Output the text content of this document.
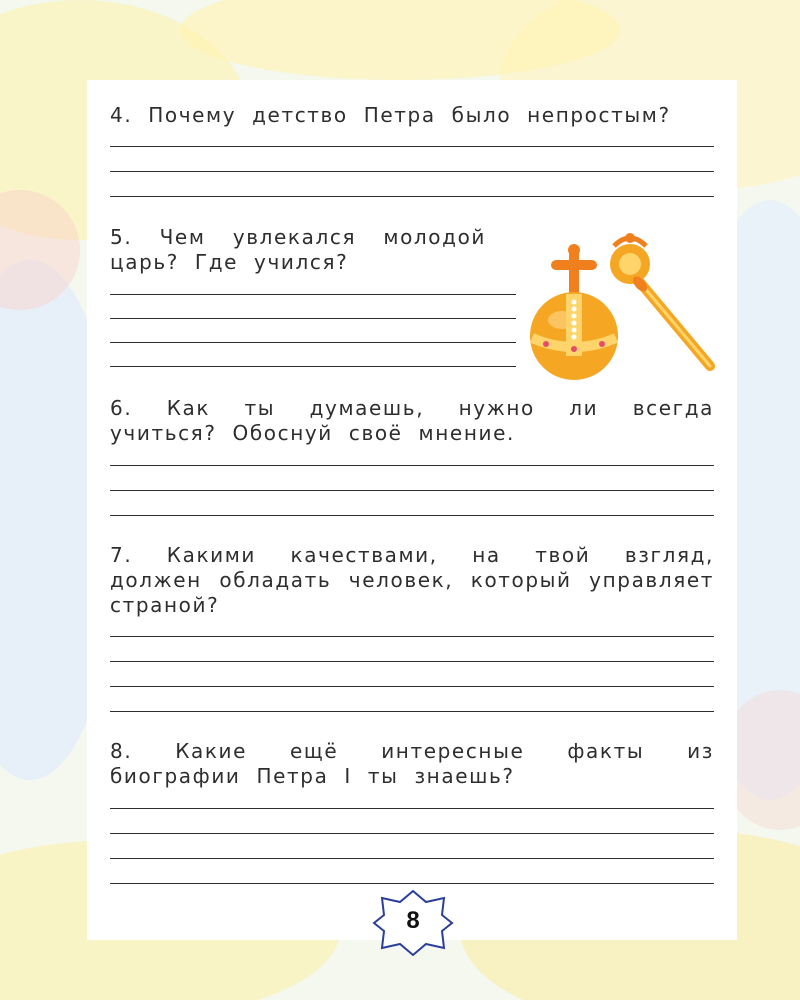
4. Почему детство Петра было непростым?
5. Чем увлекался молодой царь? Где учился?
6. Как ты думаешь, нужно ли всегда учиться? Обоснуй своё мнение.
7. Какими качествами, на твой взгляд, должен обладать человек, который управляет страной?
8. Какие ещё интересные факты из биографии Петра I ты знаешь?
8
